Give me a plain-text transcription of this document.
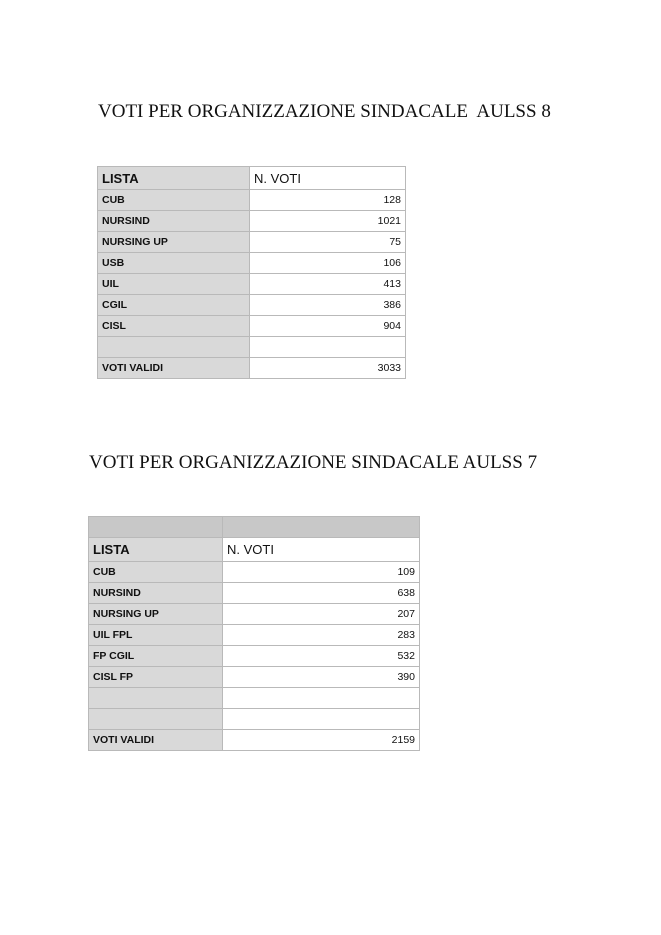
VOTI PER ORGANIZZAZIONE SINDACALE  AULSS 8
LISTA	N. VOTI
CUB	128
NURSIND	1021
NURSING UP	75
USB	106
UIL	413
CGIL	386
CISL	904

VOTI VALIDI	3033
VOTI PER ORGANIZZAZIONE SINDACALE AULSS 7

LISTA	N. VOTI
CUB	109
NURSIND	638
NURSING UP	207
UIL FPL	283
FP CGIL	532
CISL FP	390

VOTI VALIDI	2159
